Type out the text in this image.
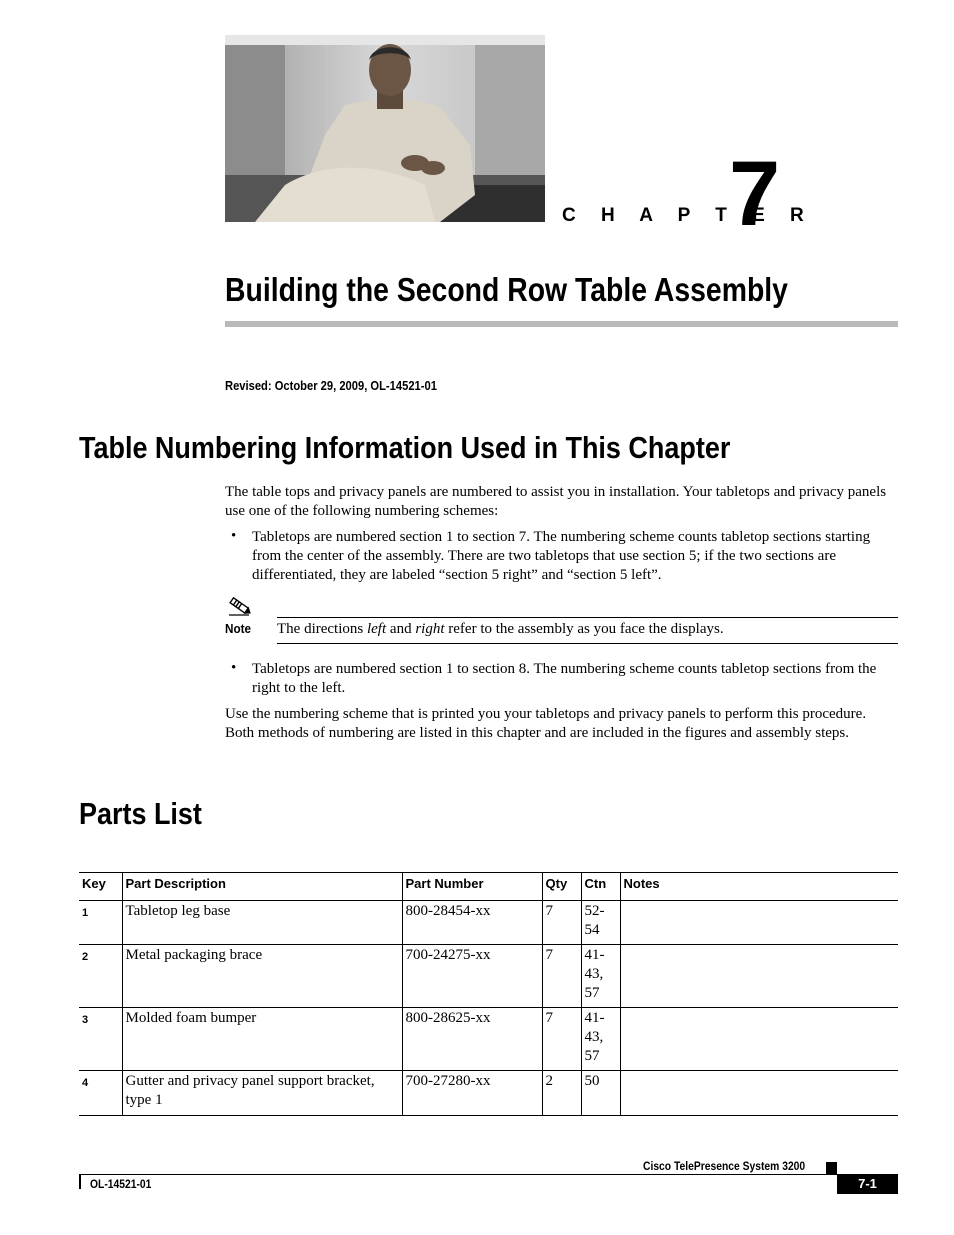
C H A P T E R
7
Building the Second Row Table Assembly
Revised: October 29, 2009, OL-14521-01
Table Numbering Information Used in This Chapter
The table tops and privacy panels are numbered to assist you in installation. Your tabletops and privacy panels use one of the following numbering schemes:
• Tabletops are numbered section 1 to section 7. The numbering scheme counts tabletop sections starting from the center of the assembly. There are two tabletops that use section 5; if the two sections are differentiated, they are labeled “section 5 right” and “section 5 left”.
Note The directions left and right refer to the assembly as you face the displays.
• Tabletops are numbered section 1 to section 8. The numbering scheme counts tabletop sections from the right to the left.
Use the numbering scheme that is printed you your tabletops and privacy panels to perform this procedure. Both methods of numbering are listed in this chapter and are included in the figures and assembly steps.
Parts List
Key	Part Description	Part Number	Qty	Ctn	Notes
1	Tabletop leg base	800-28454-xx	7	52-54	
2	Metal packaging brace	700-24275-xx	7	41-43, 57	
3	Molded foam bumper	800-28625-xx	7	41-43, 57	
4	Gutter and privacy panel support bracket, type 1	700-27280-xx	2	50	
Cisco TelePresence System 3200
OL-14521-01	7-1
